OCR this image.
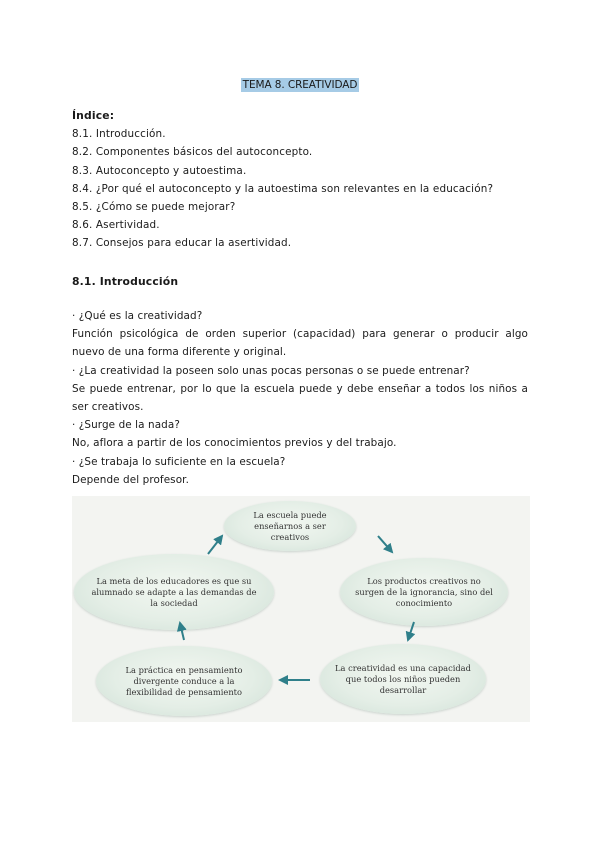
TEMA 8. CREATIVIDAD
Índice:
8.1. Introducción.
8.2. Componentes básicos del autoconcepto.
8.3. Autoconcepto y autoestima.
8.4. ¿Por qué el autoconcepto y la autoestima son relevantes en la educación?
8.5. ¿Cómo se puede mejorar?
8.6. Asertividad.
8.7. Consejos para educar la asertividad.
8.1. Introducción
· ¿Qué es la creatividad?
Función psicológica de orden superior (capacidad) para generar o producir algo
nuevo de una forma diferente y original.
· ¿La creatividad la poseen solo unas pocas personas o se puede entrenar?
Se puede entrenar, por lo que la escuela puede y debe enseñar a todos los niños a
ser creativos.
· ¿Surge de la nada?
No, aflora a partir de los conocimientos previos y del trabajo.
· ¿Se trabaja lo suficiente en la escuela?
Depende del profesor.
La escuela puede enseñarnos a ser creativos
Los productos creativos no surgen de la ignorancia, sino del conocimiento
La creatividad es una capacidad que todos los niños pueden desarrollar
La práctica en pensamiento divergente conduce a la flexibilidad de pensamiento
La meta de los educadores es que su alumnado se adapte a las demandas de la sociedad
